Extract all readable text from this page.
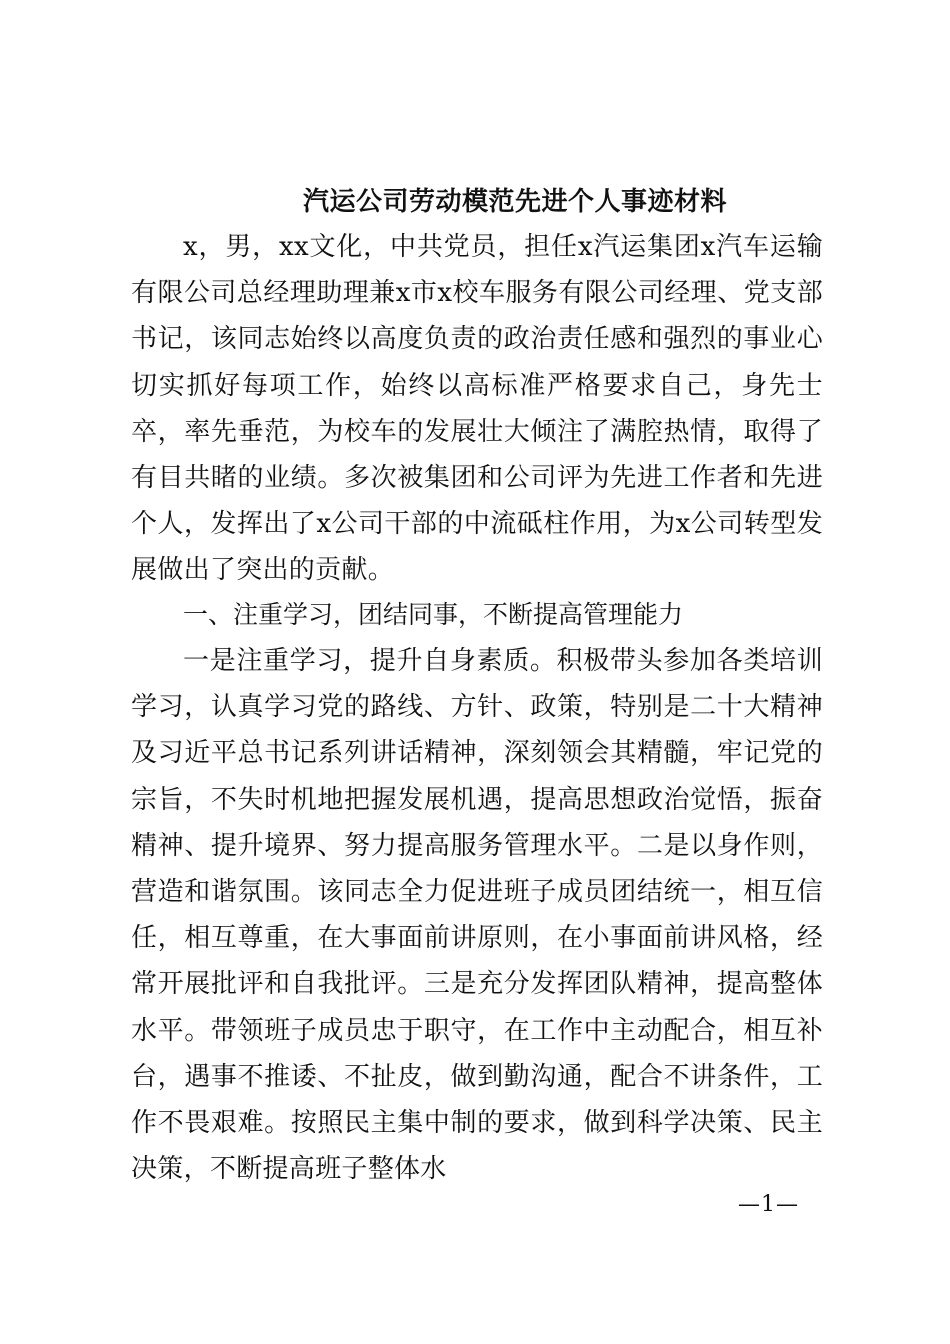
汽运公司劳动模范先进个人事迹材料

x，男，xx文化，中共党员，担任x汽运集团x汽车运输有限公司总经理助理兼x市x校车服务有限公司经理、党支部书记，该同志始终以高度负责的政治责任感和强烈的事业心切实抓好每项工作，始终以高标准严格要求自己，身先士卒，率先垂范，为校车的发展壮大倾注了满腔热情，取得了有目共睹的业绩。多次被集团和公司评为先进工作者和先进个人，发挥出了x公司干部的中流砥柱作用，为x公司转型发展做出了突出的贡献。

一、注重学习，团结同事，不断提高管理能力

一是注重学习，提升自身素质。积极带头参加各类培训学习，认真学习党的路线、方针、政策，特别是二十大精神及习近平总书记系列讲话精神，深刻领会其精髓，牢记党的宗旨，不失时机地把握发展机遇，提高思想政治觉悟，振奋精神、提升境界、努力提高服务管理水平。二是以身作则，营造和谐氛围。该同志全力促进班子成员团结统一，相互信任，相互尊重，在大事面前讲原则，在小事面前讲风格，经常开展批评和自我批评。三是充分发挥团队精神，提高整体水平。带领班子成员忠于职守，在工作中主动配合，相互补台，遇事不推诿、不扯皮，做到勤沟通，配合不讲条件，工作不畏艰难。按照民主集中制的要求，做到科学决策、民主决策，不断提高班子整体水

—1—
